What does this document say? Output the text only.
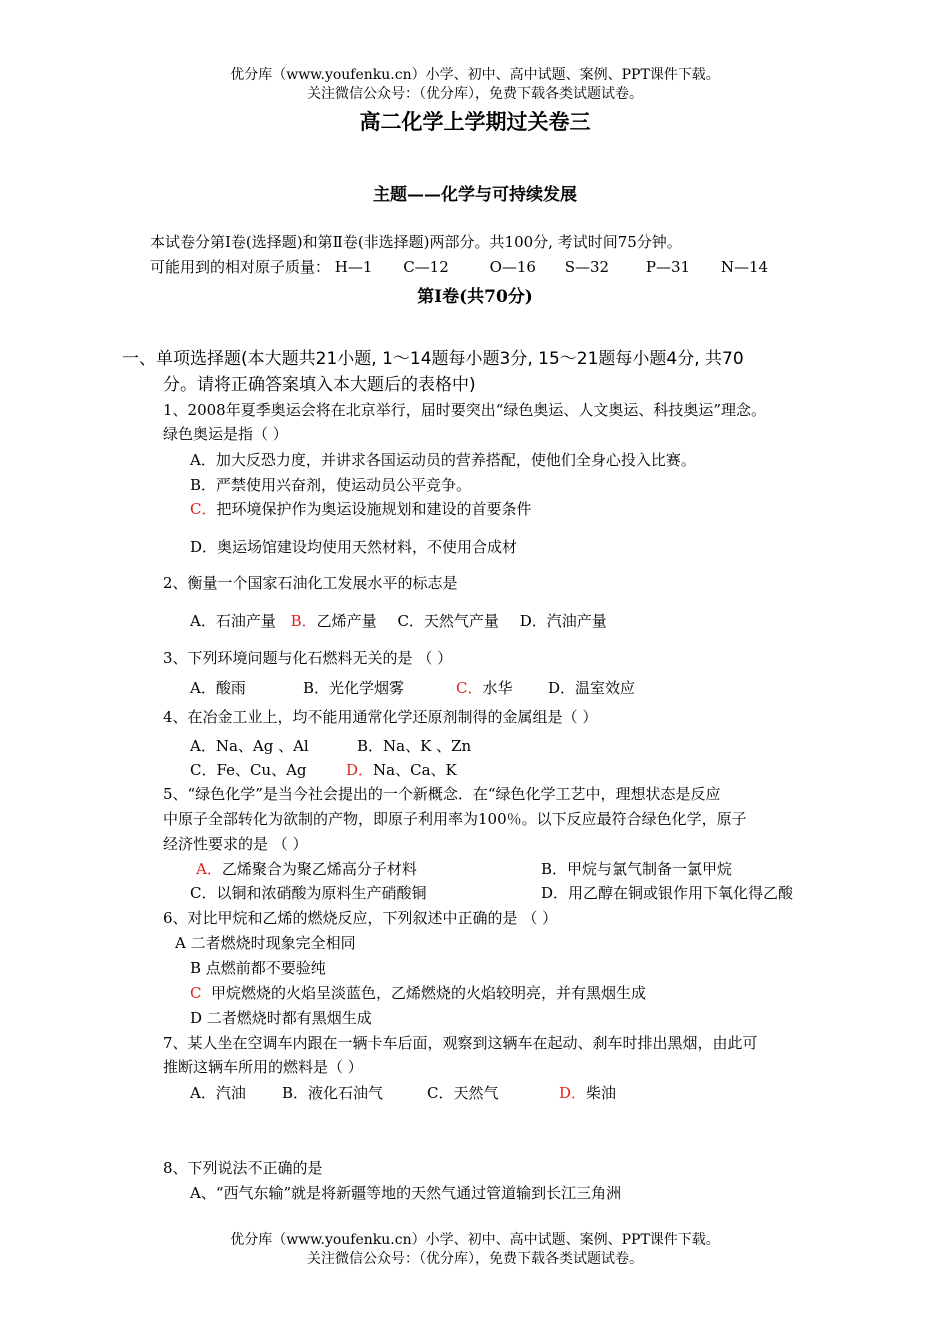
优分库（www.youfenku.cn）小学、初中、高中试题、案例、PPT课件下载。
关注微信公众号：（优分库），免费下载各类试题试卷。
高二化学上学期过关卷三
主题——化学与可持续发展
本试卷分第Ⅰ卷(选择题)和第Ⅱ卷(非选择题)两部分。共100分, 考试时间75分钟。
可能用到的相对原子质量： H—1 C—12	O—16 S—32 P—31 N—14
第Ⅰ卷(共70分)
一、单项选择题(本大题共21小题, 1～14题每小题3分, 15～21题每小题4分, 共70
分。请将正确答案填入本大题后的表格中)
1、2008年夏季奥运会将在北京举行，届时要突出“绿色奥运、人文奥运、科技奥运”理念。
绿色奥运是指（ ）
A．加大反恐力度，并讲求各国运动员的营养搭配，使他们全身心投入比赛。
B．严禁使用兴奋剂，使运动员公平竞争。
C．把环境保护作为奥运设施规划和建设的首要条件
D．奥运场馆建设均使用天然材料，不使用合成材
2、衡量一个国家石油化工发展水平的标志是
A．石油产量 B．乙烯产量 C．天然气产量 D．汽油产量
3、下列环境问题与化石燃料无关的是 （ ）
A．酸雨	B．光化学烟雾	C．水华 D．温室效应
4、在冶金工业上，均不能用通常化学还原剂制得的金属组是（ ）
A．Na、Ag 、Al	B．Na、K 、Zn
C．Fe、Cu、Ag	D．Na、Ca、K
5、“绿色化学”是当今社会提出的一个新概念．在“绿色化学工艺中，理想状态是反应
中原子全部转化为欲制的产物，即原子利用率为100％。以下反应最符合绿色化学，原子
经济性要求的是 （ ）
A．乙烯聚合为聚乙烯高分子材料	B．甲烷与氯气制备一氯甲烷
C．以铜和浓硝酸为原料生产硝酸铜	D．用乙醇在铜或银作用下氧化得乙酸
6、对比甲烷和乙烯的燃烧反应，下列叙述中正确的是 （ ）
A 二者燃烧时现象完全相同
B 点燃前都不要验纯
C  甲烷燃烧的火焰呈淡蓝色，乙烯燃烧的火焰较明亮，并有黑烟生成
D 二者燃烧时都有黑烟生成
7、某人坐在空调车内跟在一辆卡车后面，观察到这辆车在起动、刹车时排出黑烟，由此可
推断这辆车所用的燃料是（ ）
A．汽油 B．液化石油气	C．天然气	D．柴油
8、下列说法不正确的是
A、“西气东输”就是将新疆等地的天然气通过管道输到长江三角洲
优分库（www.youfenku.cn）小学、初中、高中试题、案例、PPT课件下载。
关注微信公众号：（优分库），免费下载各类试题试卷。
